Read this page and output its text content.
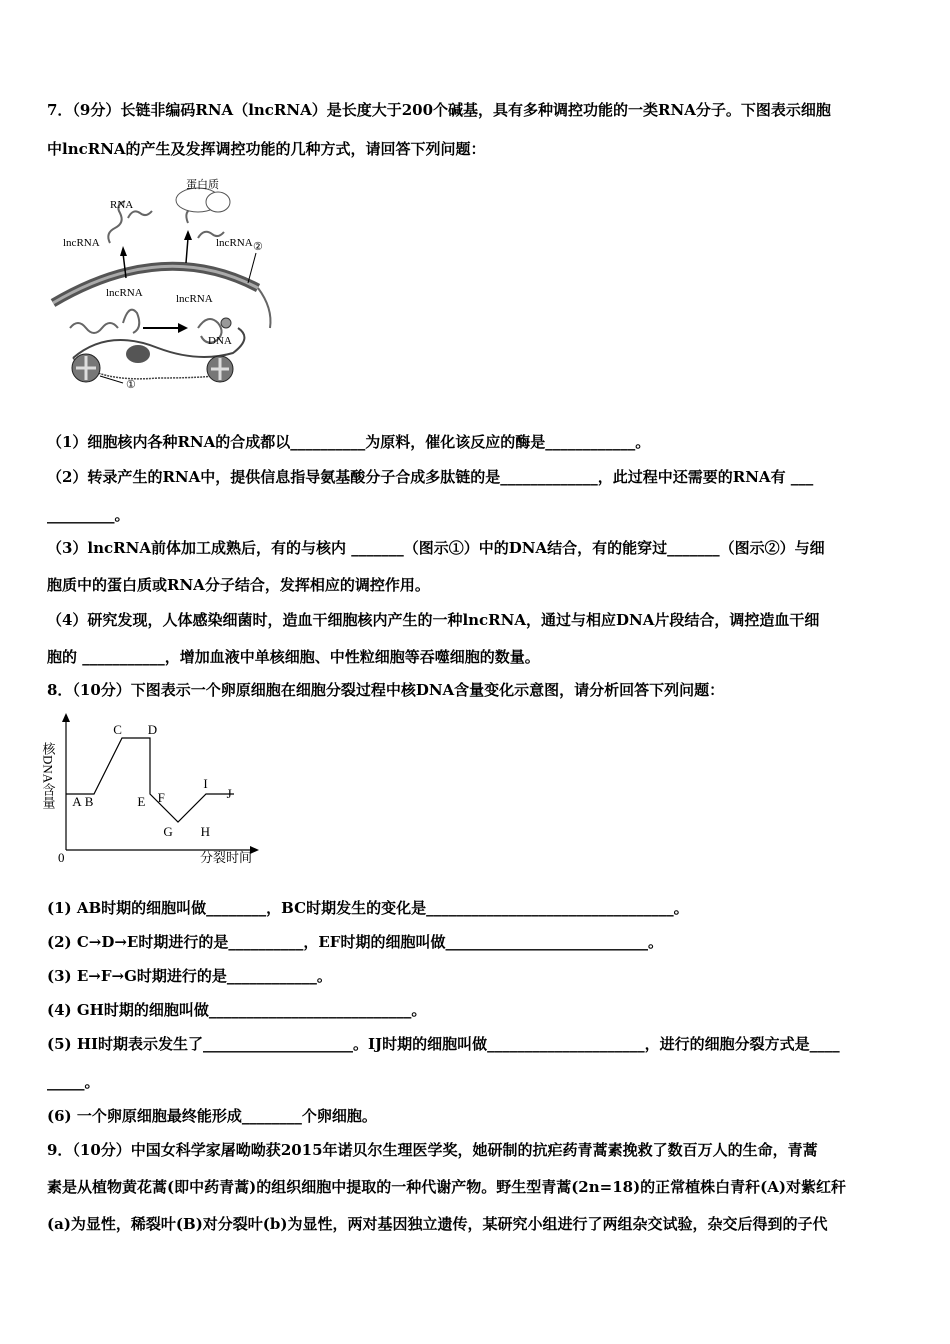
7．（9分）长链非编码RNA（lncRNA）是长度大于200个碱基，具有多种调控功能的一类RNA分子。下图表示细胞
中lncRNA的产生及发挥调控功能的几种方式，请回答下列问题：
RNA
蛋白质
lncRNA	lncRNA
lncRNA	lncRNA
DNA
①
②
（1）细胞核内各种RNA的合成都以__________为原料，催化该反应的酶是____________。
（2）转录产生的RNA中，提供信息指导氨基酸分子合成多肽链的是_____________，此过程中还需要的RNA有 ___
_________。
（3）lncRNA前体加工成熟后，有的与核内 _______（图示①）中的DNA结合，有的能穿过_______（图示②）与细
胞质中的蛋白质或RNA分子结合，发挥相应的调控作用。
（4）研究发现，人体感染细菌时，造血干细胞核内产生的一种lncRNA，通过与相应DNA片段结合，调控造血干细
胞的 ___________，增加血液中单核细胞、中性粒细胞等吞噬细胞的数量。
8．（10分）下图表示一个卵原细胞在细胞分裂过程中核DNA含量变化示意图，请分析回答下列问题：
A B
C D
E F
G H
I
J
0	分裂时间
核DNA含量
(1) AB时期的细胞叫做________，BC时期发生的变化是_________________________________。
(2) C→D→E时期进行的是__________，EF时期的细胞叫做___________________________。
(3) E→F→G时期进行的是____________。
(4) GH时期的细胞叫做___________________________。
(5) HI时期表示发生了____________________。IJ时期的细胞叫做_____________________，进行的细胞分裂方式是____
_____。
(6) 一个卵原细胞最终能形成________个卵细胞。
9．（10分）中国女科学家屠呦呦获2015年诺贝尔生理医学奖，她研制的抗疟药青蒿素挽救了数百万人的生命，青蒿
素是从植物黄花蒿(即中药青蒿)的组织细胞中提取的一种代谢产物。野生型青蒿(2n=18)的正常植株白青秆(A)对紫红秆
(a)为显性，稀裂叶(B)对分裂叶(b)为显性，两对基因独立遗传，某研究小组进行了两组杂交试验，杂交后得到的子代
